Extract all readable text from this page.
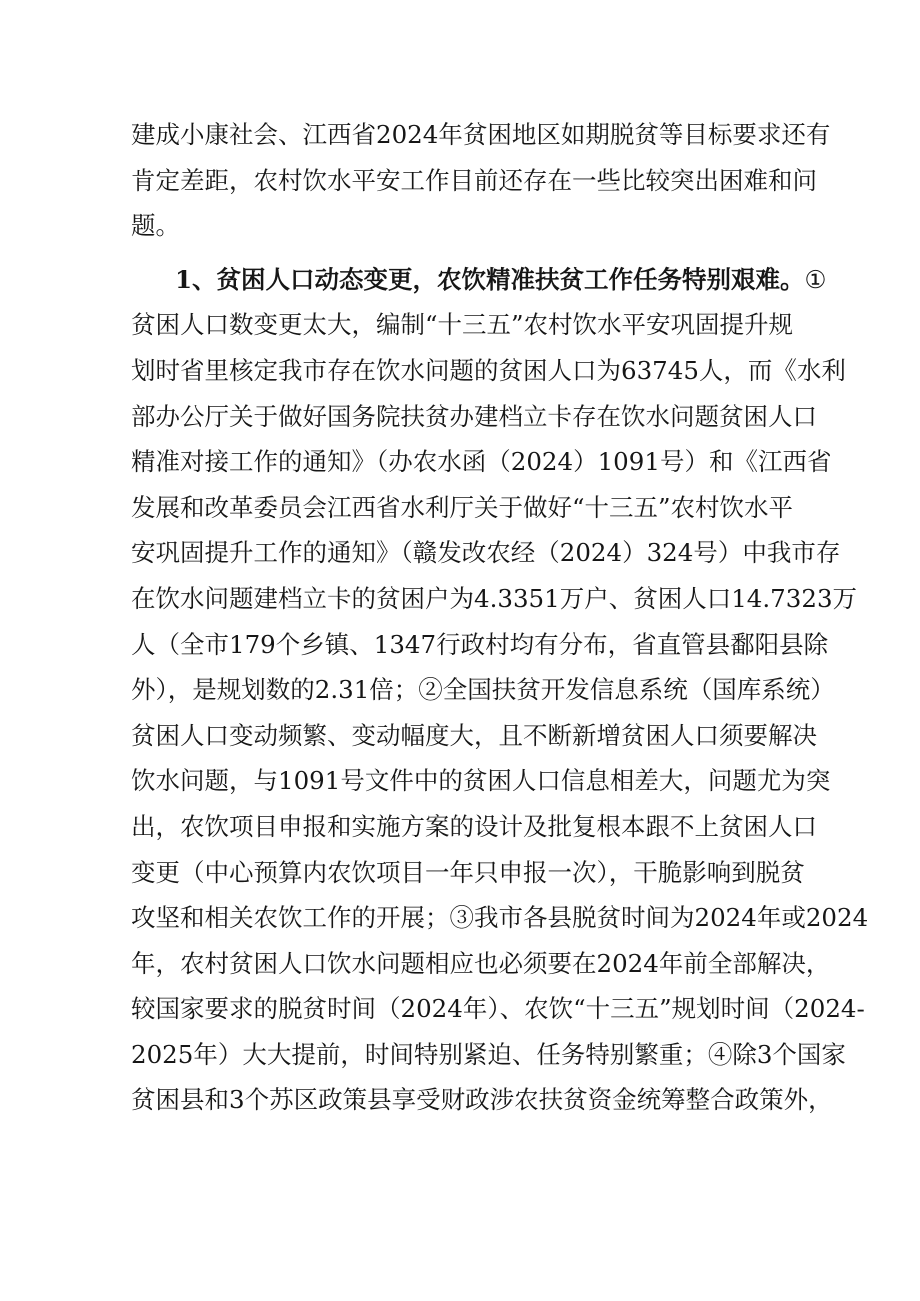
建成小康社会、江西省2024年贫困地区如期脱贫等目标要求还有
肯定差距，农村饮水平安工作目前还存在一些比较突出困难和问
题。
1、贫困人口动态变更，农饮精准扶贫工作任务特别艰难。①
贫困人口数变更太大，编制“十三五”农村饮水平安巩固提升规
划时省里核定我市存在饮水问题的贫困人口为63745人，而《水利
部办公厅关于做好国务院扶贫办建档立卡存在饮水问题贫困人口
精准对接工作的通知》（办农水函（2024）1091号）和《江西省
发展和改革委员会江西省水利厅关于做好“十三五”农村饮水平
安巩固提升工作的通知》（赣发改农经（2024）324号）中我市存
在饮水问题建档立卡的贫困户为4.3351万户、贫困人口14.7323万
人（全市179个乡镇、1347行政村均有分布，省直管县鄱阳县除
外），是规划数的2.31倍；②全国扶贫开发信息系统（国库系统）
贫困人口变动频繁、变动幅度大，且不断新增贫困人口须要解决
饮水问题，与1091号文件中的贫困人口信息相差大，问题尤为突
出，农饮项目申报和实施方案的设计及批复根本跟不上贫困人口
变更（中心预算内农饮项目一年只申报一次），干脆影响到脱贫
攻坚和相关农饮工作的开展；③我市各县脱贫时间为2024年或2024
年，农村贫困人口饮水问题相应也必须要在2024年前全部解决，
较国家要求的脱贫时间（2024年）、农饮“十三五”规划时间（2024-
2025年）大大提前，时间特别紧迫、任务特别繁重；④除3个国家
贫困县和3个苏区政策县享受财政涉农扶贫资金统筹整合政策外，
